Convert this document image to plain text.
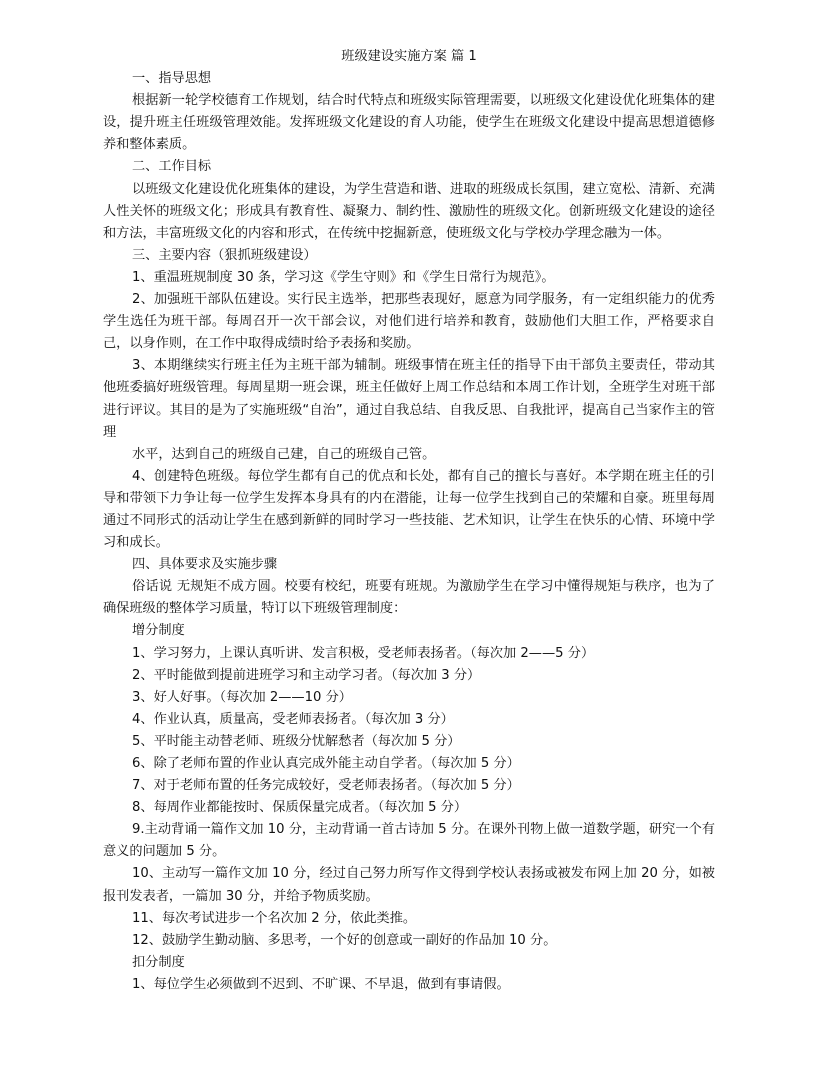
班级建设实施方案 篇 1

一、指导思想

根据新一轮学校德育工作规划，结合时代特点和班级实际管理需要，以班级文化建设优化班集体的建设，提升班主任班级管理效能。发挥班级文化建设的育人功能，使学生在班级文化建设中提高思想道德修养和整体素质。

二、工作目标

以班级文化建设优化班集体的建设，为学生营造和谐、进取的班级成长氛围，建立宽松、清新、充满人性关怀的班级文化；形成具有教育性、凝聚力、制约性、激励性的班级文化。创新班级文化建设的途径和方法，丰富班级文化的内容和形式，在传统中挖掘新意，使班级文化与学校办学理念融为一体。

三、主要内容（狠抓班级建设）

1、重温班规制度 30 条，学习这《学生守则》和《学生日常行为规范》。

2、加强班干部队伍建设。实行民主选举，把那些表现好，愿意为同学服务，有一定组织能力的优秀学生选任为班干部。每周召开一次干部会议，对他们进行培养和教育，鼓励他们大胆工作，严格要求自己，以身作则，在工作中取得成绩时给予表扬和奖励。

3、本期继续实行班主任为主班干部为辅制。班级事情在班主任的指导下由干部负主要责任，带动其他班委搞好班级管理。每周星期一班会课，班主任做好上周工作总结和本周工作计划，全班学生对班干部进行评议。其目的是为了实施班级“自治”，通过自我总结、自我反思、自我批评，提高自己当家作主的管理

水平，达到自己的班级自己建，自己的班级自己管。

4、创建特色班级。每位学生都有自己的优点和长处，都有自己的擅长与喜好。本学期在班主任的引导和带领下力争让每一位学生发挥本身具有的内在潜能，让每一位学生找到自己的荣耀和自豪。班里每周通过不同形式的活动让学生在感到新鲜的同时学习一些技能、艺术知识，让学生在快乐的心情、环境中学习和成长。

四、具体要求及实施步骤

俗话说 无规矩不成方圆。校要有校纪，班要有班规。为激励学生在学习中懂得规矩与秩序，也为了确保班级的整体学习质量，特订以下班级管理制度：

增分制度

1、学习努力，上课认真听讲、发言积极，受老师表扬者。（每次加 2——5 分）

2、平时能做到提前进班学习和主动学习者。（每次加 3 分）

3、好人好事。（每次加 2——10 分）

4、作业认真，质量高，受老师表扬者。（每次加 3 分）

5、平时能主动替老师、班级分忧解愁者（每次加 5 分）

6、除了老师布置的作业认真完成外能主动自学者。（每次加 5 分）

7、对于老师布置的任务完成较好，受老师表扬者。（每次加 5 分）

8、每周作业都能按时、保质保量完成者。（每次加 5 分）

9.主动背诵一篇作文加 10 分，主动背诵一首古诗加 5 分。在课外刊物上做一道数学题，研究一个有意义的问题加 5 分。

10、主动写一篇作文加 10 分，经过自己努力所写作文得到学校认表扬或被发布网上加 20 分，如被报刊发表者，一篇加 30 分，并给予物质奖励。

11、每次考试进步一个名次加 2 分，依此类推。

12、鼓励学生勤动脑、多思考，一个好的创意或一副好的作品加 10 分。

扣分制度

1、每位学生必须做到不迟到、不旷课、不早退，做到有事请假。
